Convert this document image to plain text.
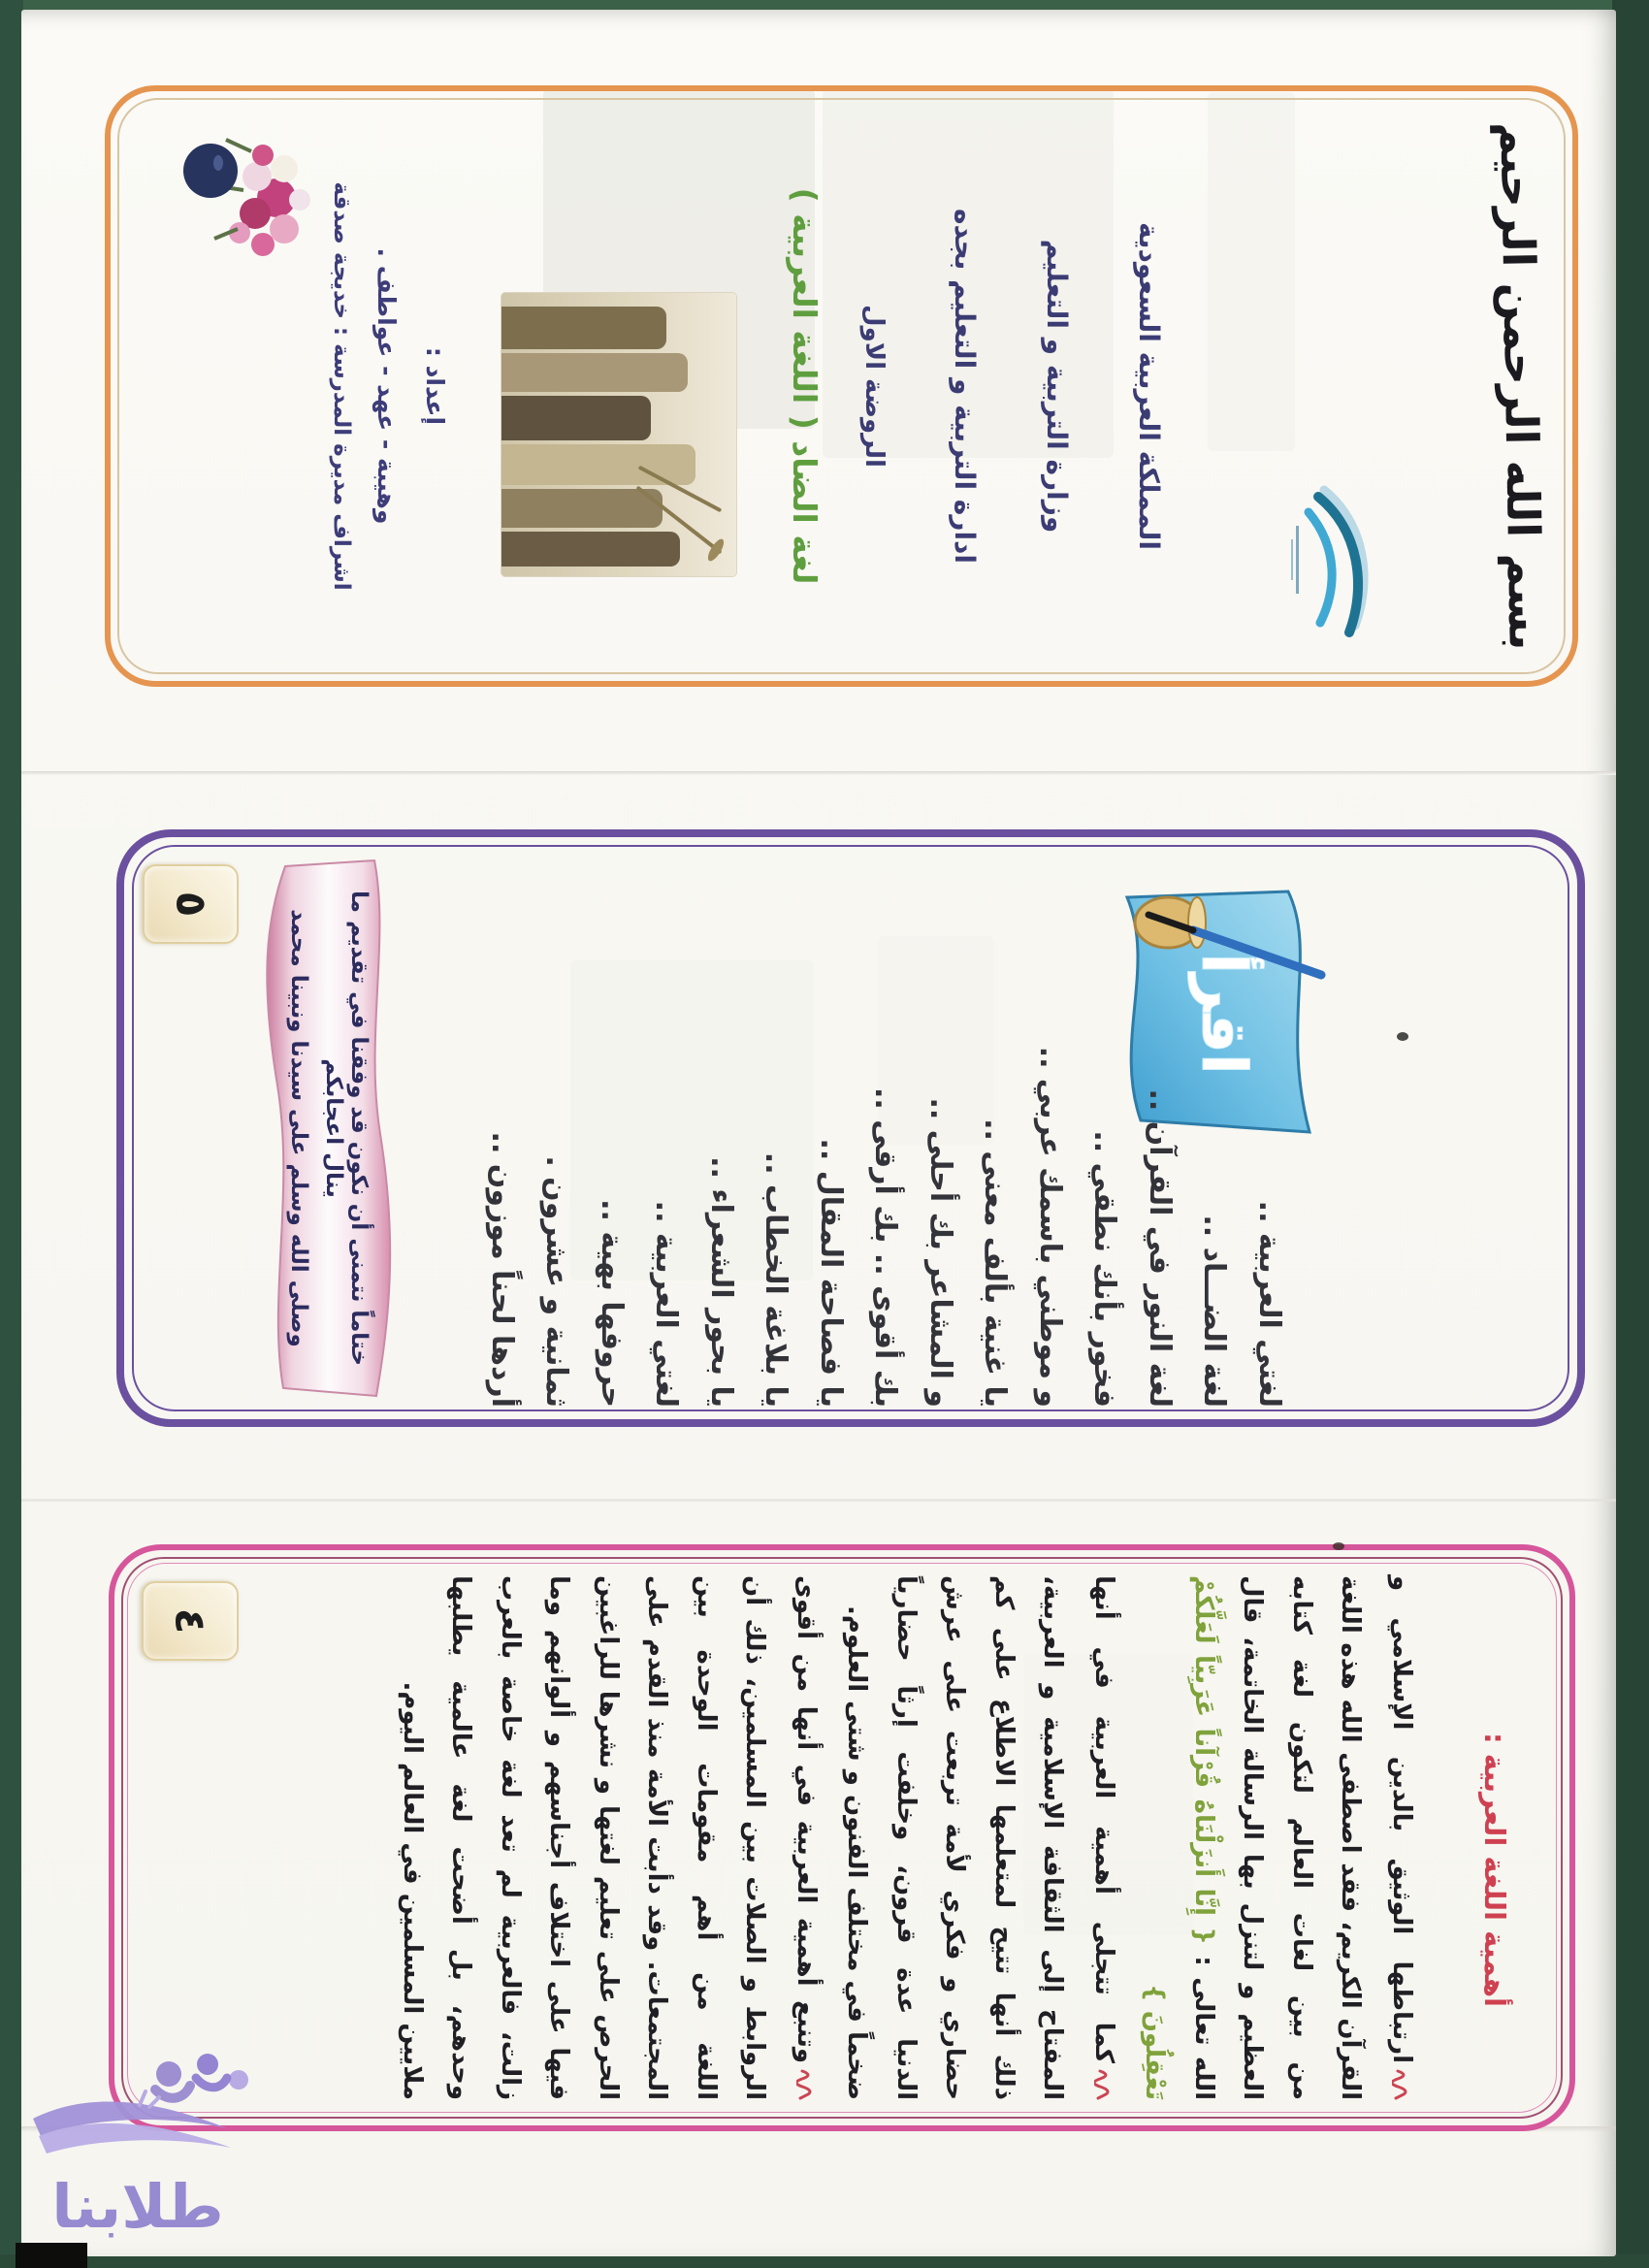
بسم الله الرحمن الرحيم
المملكة العربية السعودية
وزارة التربية و التعليم
ادارة التربية و التعليم بجده
الروضة الاول
لغة الضاد ( اللغة العربية )
إعداد :
وهيبة - عهد - عواطف .
اشراف مديرة المدرسة : خديجة صدقة
اقرأ
لغتي العربية ..
لغة الضـــاد ..
لغة النور في القرآن ..
فخور بأنك نطقي ..
و موطني باسمك عربي ..
يا غنية بألف معنى ..
و المشاعر بك أحلى ..
بك أقوى .. بك أرقى ..
يا فصاحة المقال ..
يا بلاغة الخطاب ..
يا بحور الشعراء ..
لغتي العربية ..
حروفها بهية ..
ثمانية و عشرون .
أردها لحناً موزون ..
ختاماً نتمنى أن نكون قد وفقنا في تقديم ما ينال اعجابكم
وصلى الله وسلم على سيدنا ونبينا محمد
٥
أهمية اللغة العربية :

ارتباطها الوثيق بالدين الإسلامي و القرآن الكريم، فقد اصطفى الله هذه اللغة من بين لغات العالم لتكون لغة كتابه العظيم و لتنزل بها الرسالة الخاتمة، قال الله تعالى : { إِنَّا أَنزَلْنَاهُ قُرْآناً عَرَبِيّاً لَعَلَّكُمْ تَعْقِلُونَ }

كما تتجلى أهمية العربية في أنها المفتاح إلى الثقافة الإسلامية و العربية، ذلك أنها تتيح لمتعلمها الاطلاع على كم حضاري و فكري لأمة تربعت على عرش الدنيا عدة قرون، وخلفت إرثاً حضارياً ضخماً في مختلف الفنون و شتى العلوم.

وتنبع أهمية العربية في أنها من أقوى الروابط و الصلات بين المسلمين، ذلك أن اللغة من أهم مقومات الوحدة بين المجتمعات. وقد دأبت الأمة منذ القدم على الحرص على تعليم لغتها و نشرها للراغبين فيها على اختلاف أجناسهم و ألوانهم وما زالت، فالعربية لم تعد لغة خاصة بالعرب وحدهم، بل أضحت لغة عالمية يطلبها ملايين المسلمين في العالم اليوم.

٤
طلابنا
